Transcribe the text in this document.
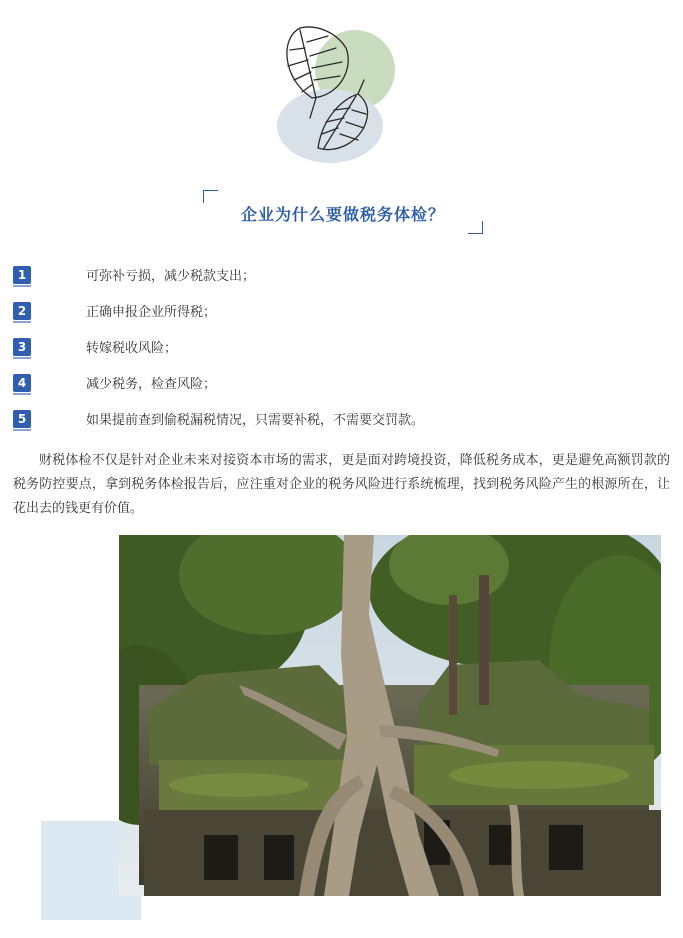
企业为什么要做税务体检？
1	可弥补亏损，减少税款支出；
2	正确申报企业所得税；
3	转嫁税收风险；
4	减少税务，检查风险；
5	如果提前查到偷税漏税情况，只需要补税，不需要交罚款。

财税体检不仅是针对企业未来对接资本市场的需求，更是面对跨境投资，降低税务成本，更是避免高额罚款的税务防控要点，拿到税务体检报告后，应注重对企业的税务风险进行系统梳理，找到税务风险产生的根源所在，让花出去的钱更有价值。
